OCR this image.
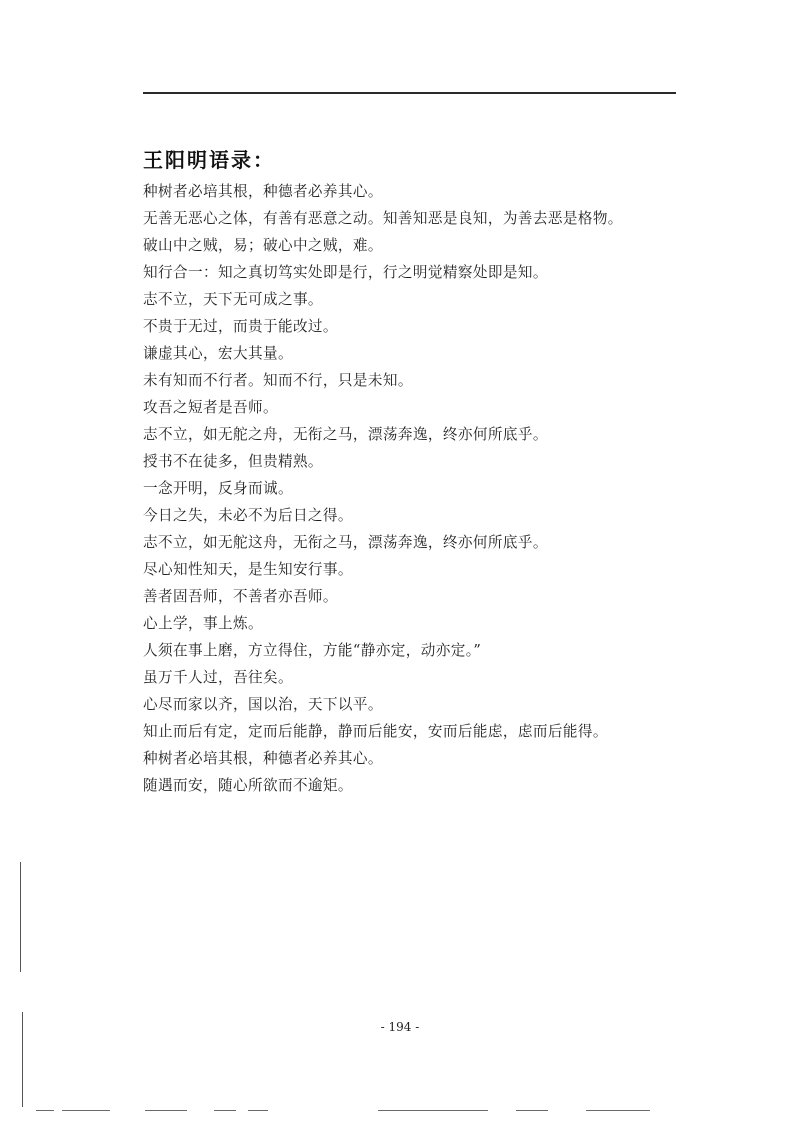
王阳明语录：
种树者必培其根，种德者必养其心。
无善无恶心之体，有善有恶意之动。知善知恶是良知，为善去恶是格物。
破山中之贼，易；破心中之贼，难。
知行合一：知之真切笃实处即是行，行之明觉精察处即是知。
志不立，天下无可成之事。
不贵于无过，而贵于能改过。
谦虚其心，宏大其量。
未有知而不行者。知而不行，只是未知。
攻吾之短者是吾师。
志不立，如无舵之舟，无衔之马，漂荡奔逸，终亦何所底乎。
授书不在徒多，但贵精熟。
一念开明，反身而诚。
今日之失，未必不为后日之得。
志不立，如无舵这舟，无衔之马，漂荡奔逸，终亦何所底乎。
尽心知性知天，是生知安行事。
善者固吾师，不善者亦吾师。
心上学，事上炼。
人须在事上磨，方立得住，方能“静亦定，动亦定。”
虽万千人过，吾往矣。
心尽而家以齐，国以治，天下以平。
知止而后有定，定而后能静，静而后能安，安而后能虑，虑而后能得。
种树者必培其根，种德者必养其心。
随遇而安，随心所欲而不逾矩。
- 194 -
